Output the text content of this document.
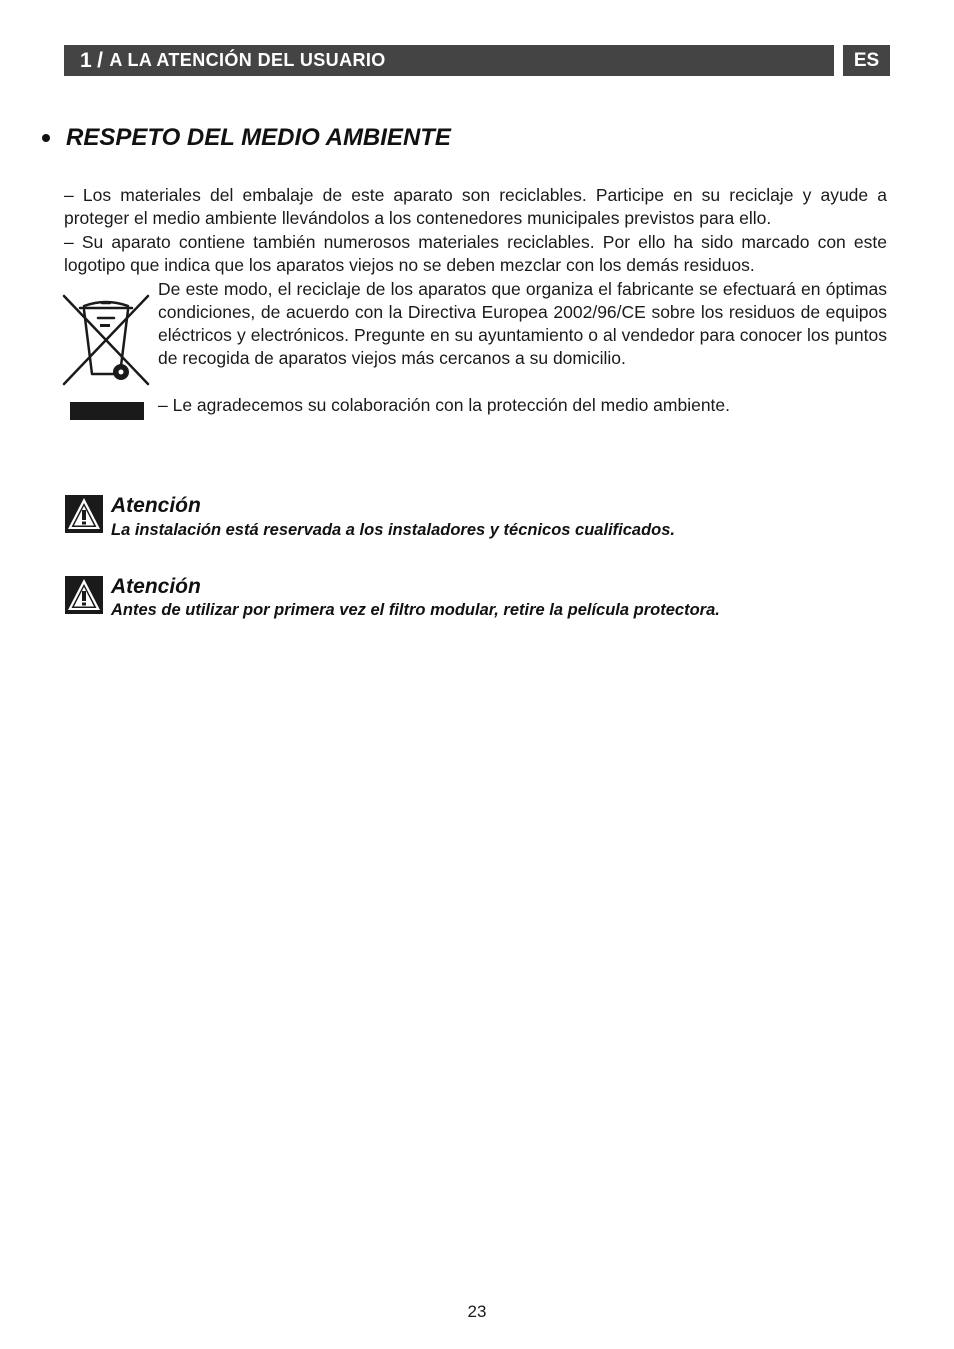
1 / A LA ATENCIÓN DEL USUARIO	ES
RESPETO DEL MEDIO AMBIENTE
– Los materiales del embalaje de este aparato son reciclables. Participe en su reciclaje y ayude a proteger el medio ambiente llevándolos a los contenedores municipales previstos para ello.
– Su aparato contiene también numerosos materiales reciclables. Por ello ha sido marcado con este logotipo que indica que los aparatos viejos no se deben mezclar con los demás residuos.
De este modo, el reciclaje de los aparatos que organiza el fabricante se efectuará en óptimas condiciones, de acuerdo con la Directiva Europea 2002/96/CE sobre los residuos de equipos eléctricos y electrónicos. Pregunte en su ayuntamiento o al vendedor para conocer los puntos de recogida de aparatos viejos más cercanos a su domicilio.
– Le agradecemos su colaboración con la protección del medio ambiente.
Atención
La instalación está reservada a los instaladores y técnicos cualificados.
Atención
Antes de utilizar por primera vez el filtro modular, retire la película protectora.
23
